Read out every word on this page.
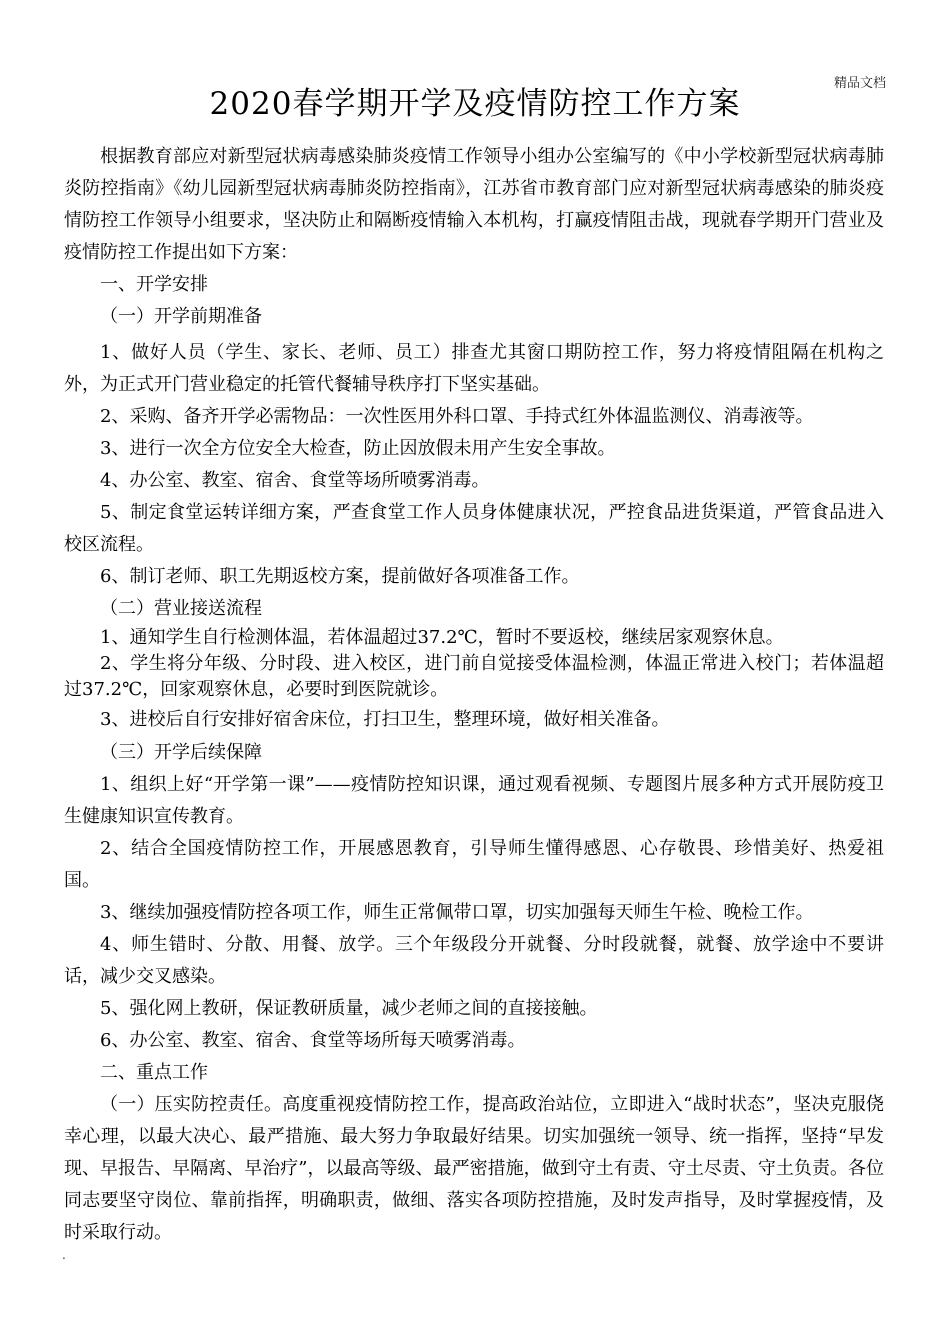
精品文档
2020春学期开学及疫情防控工作方案

根据教育部应对新型冠状病毒感染肺炎疫情工作领导小组办公室编写的《中小学校新型冠状病毒肺炎防控指南》《幼儿园新型冠状病毒肺炎防控指南》，江苏省市教育部门应对新型冠状病毒感染的肺炎疫情防控工作领导小组要求，坚决防止和隔断疫情输入本机构，打赢疫情阻击战，现就春学期开门营业及疫情防控工作提出如下方案：

一、开学安排

（一）开学前期准备

1、做好人员（学生、家长、老师、员工）排查尤其窗口期防控工作，努力将疫情阻隔在机构之外，为正式开门营业稳定的托管代餐辅导秩序打下坚实基础。

2、采购、备齐开学必需物品：一次性医用外科口罩、手持式红外体温监测仪、消毒液等。

3、进行一次全方位安全大检查，防止因放假未用产生安全事故。

4、办公室、教室、宿舍、食堂等场所喷雾消毒。

5、制定食堂运转详细方案，严查食堂工作人员身体健康状况，严控食品进货渠道，严管食品进入校区流程。

6、制订老师、职工先期返校方案，提前做好各项准备工作。

（二）营业接送流程

1、通知学生自行检测体温，若体温超过37.2℃，暂时不要返校，继续居家观察休息。

2、学生将分年级、分时段、进入校区，进门前自觉接受体温检测，体温正常进入校门；若体温超过37.2℃，回家观察休息，必要时到医院就诊。

3、进校后自行安排好宿舍床位，打扫卫生，整理环境，做好相关准备。

（三）开学后续保障

1、组织上好“开学第一课”——疫情防控知识课，通过观看视频、专题图片展多种方式开展防疫卫生健康知识宣传教育。

2、结合全国疫情防控工作，开展感恩教育，引导师生懂得感恩、心存敬畏、珍惜美好、热爱祖国。

3、继续加强疫情防控各项工作，师生正常佩带口罩，切实加强每天师生午检、晚检工作。

4、师生错时、分散、用餐、放学。三个年级段分开就餐、分时段就餐，就餐、放学途中不要讲话，减少交叉感染。

5、强化网上教研，保证教研质量，减少老师之间的直接接触。

6、办公室、教室、宿舍、食堂等场所每天喷雾消毒。

二、重点工作

（一）压实防控责任。高度重视疫情防控工作，提高政治站位，立即进入“战时状态”，坚决克服侥幸心理，以最大决心、最严措施、最大努力争取最好结果。切实加强统一领导、统一指挥，坚持“早发现、早报告、早隔离、早治疗”，以最高等级、最严密措施，做到守土有责、守土尽责、守土负责。各位同志要坚守岗位、靠前指挥，明确职责，做细、落实各项防控措施，及时发声指导，及时掌握疫情，及时采取行动。

.
